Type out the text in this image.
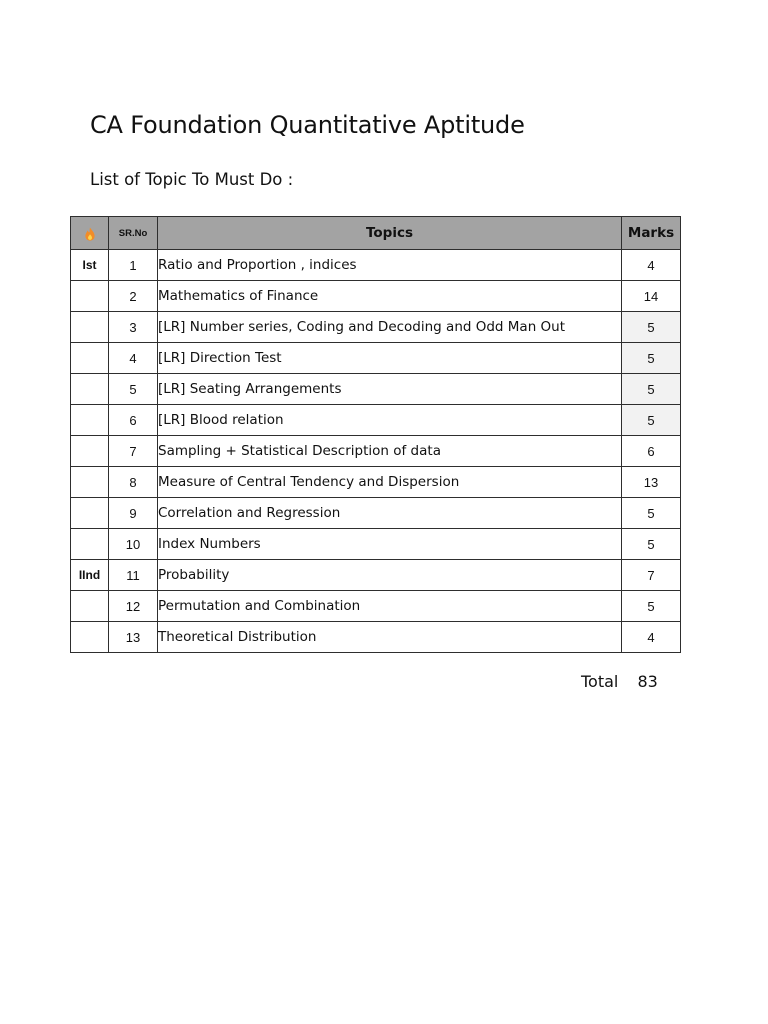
CA Foundation Quantitative Aptitude
List of Topic To Must Do :
	SR.No	Topics	Marks
Ist	1	Ratio and Proportion , indices	4
	2	Mathematics of Finance	14
	3	[LR] Number series, Coding and Decoding and Odd Man Out	5
	4	[LR] Direction Test	5
	5	[LR] Seating Arrangements	5
	6	[LR] Blood relation	5
	7	Sampling + Statistical Description of data	6
	8	Measure of Central Tendency and Dispersion	13
	9	Correlation and Regression	5
	10	Index Numbers	5
IInd	11	Probability	7
	12	Permutation and Combination	5
	13	Theoretical Distribution	4
Total 83
